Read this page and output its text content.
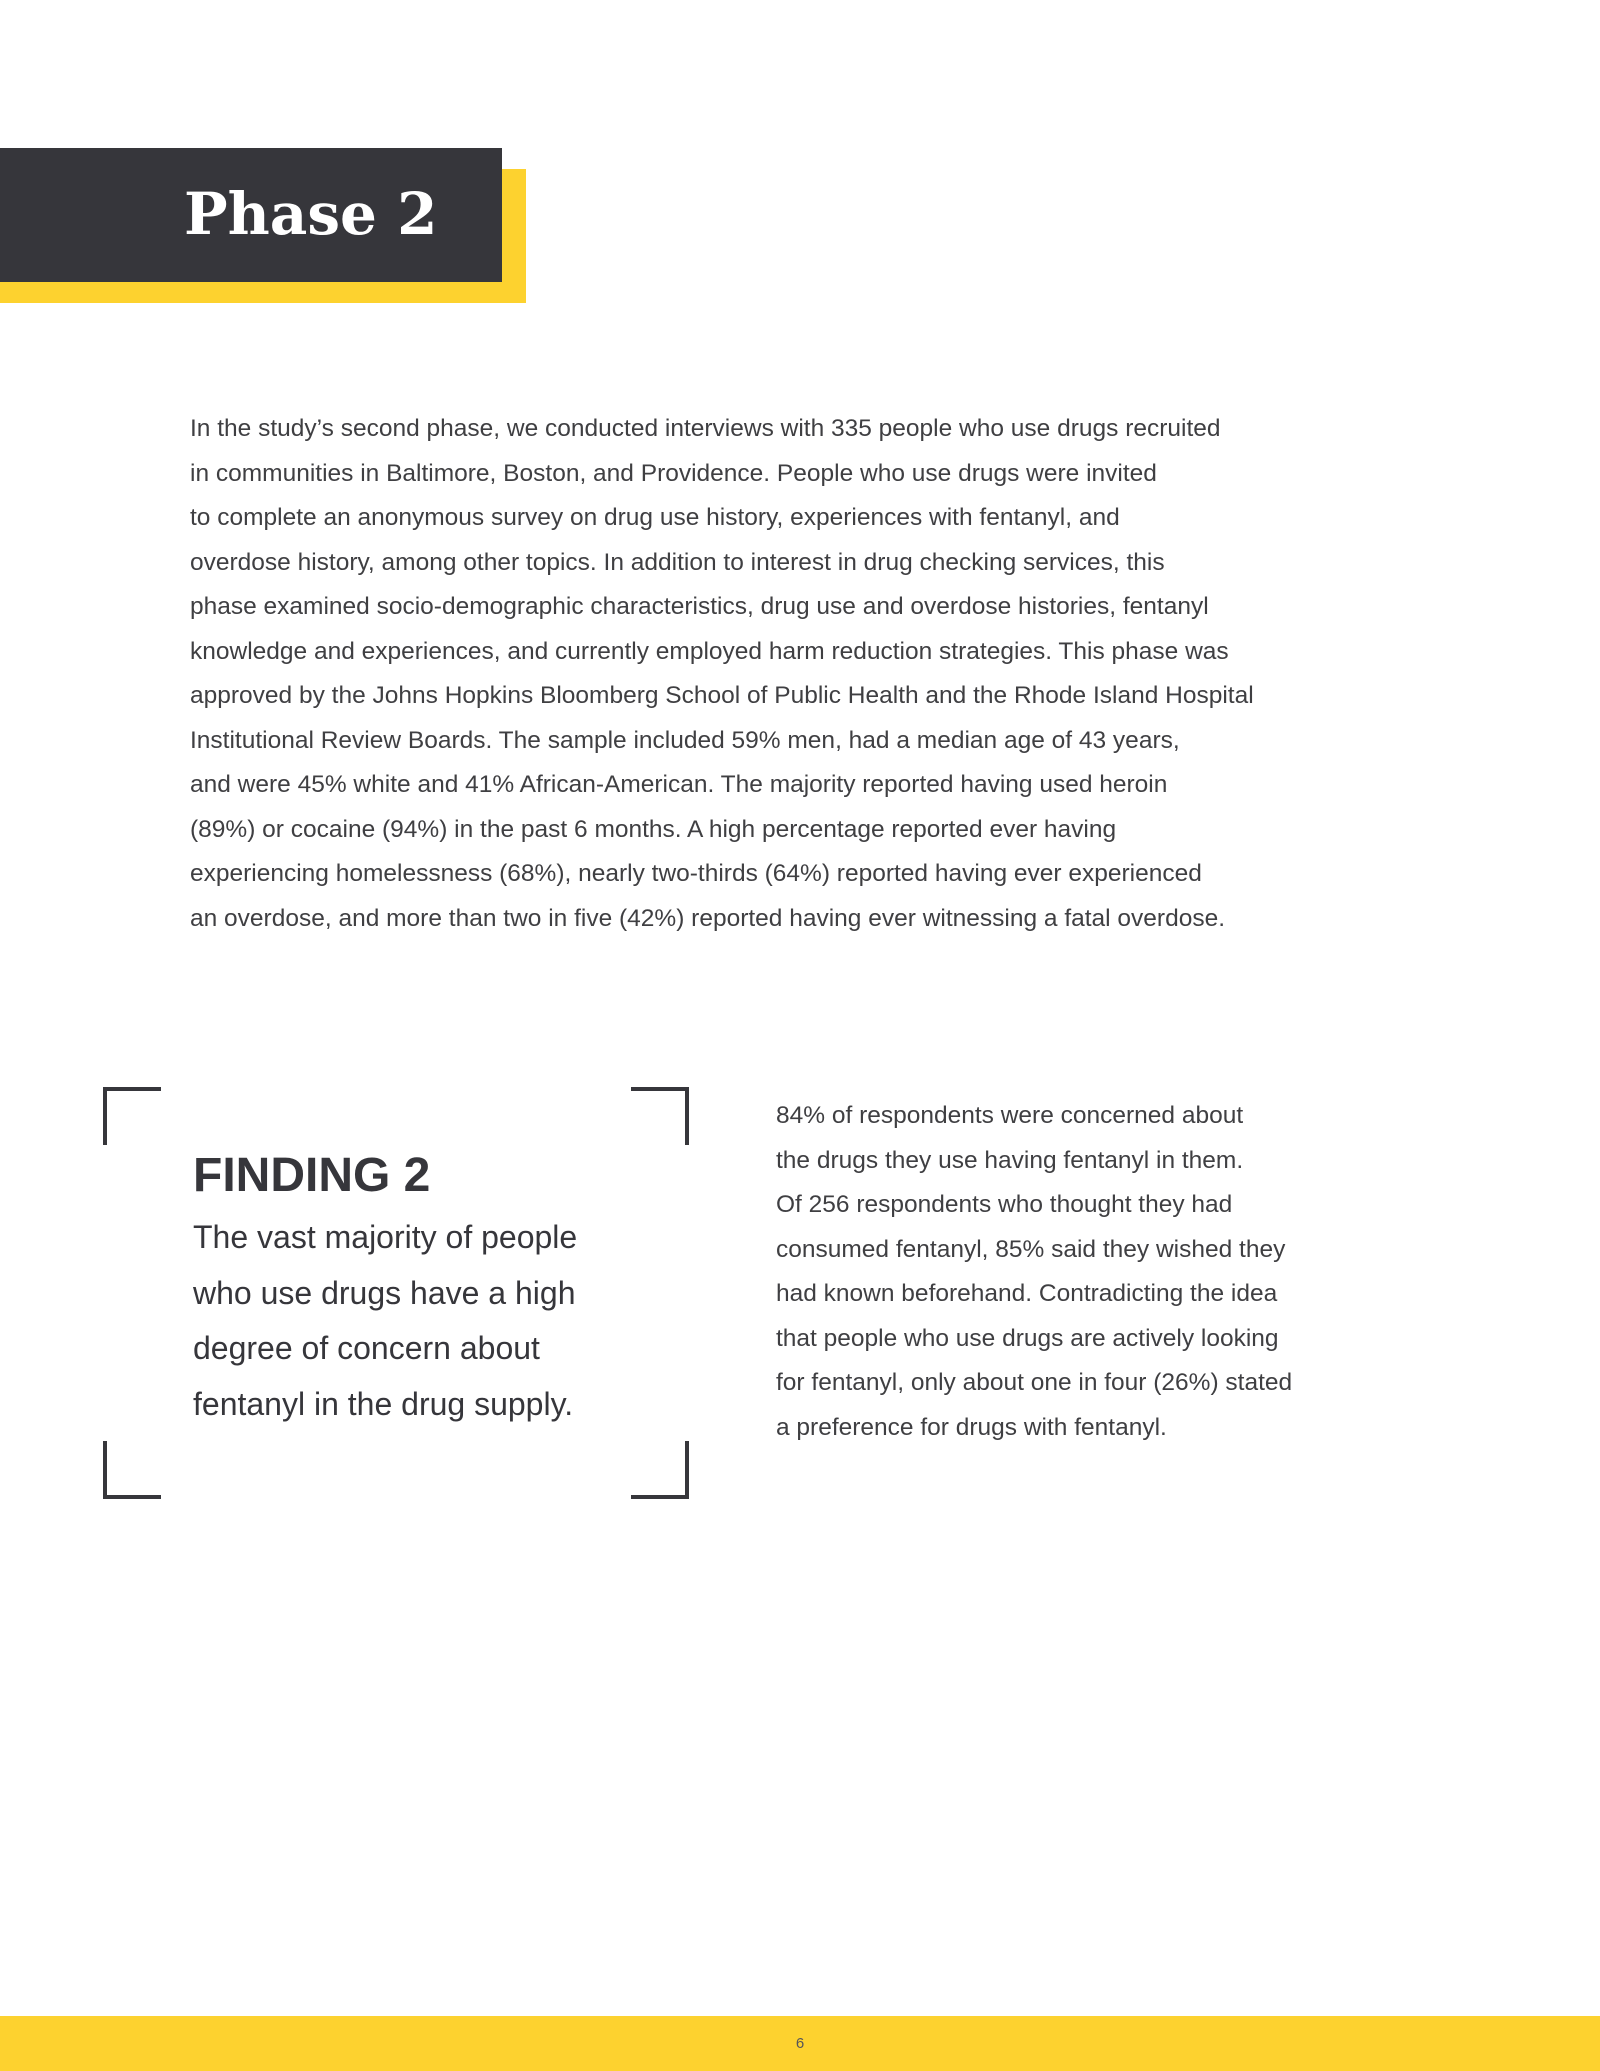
Phase 2

In the study’s second phase, we conducted interviews with 335 people who use drugs recruited
in communities in Baltimore, Boston, and Providence. People who use drugs were invited
to complete an anonymous survey on drug use history, experiences with fentanyl, and
overdose history, among other topics. In addition to interest in drug checking services, this
phase examined socio-demographic characteristics, drug use and overdose histories, fentanyl
knowledge and experiences, and currently employed harm reduction strategies. This phase was
approved by the Johns Hopkins Bloomberg School of Public Health and the Rhode Island Hospital
Institutional Review Boards. The sample included 59% men, had a median age of 43 years,
and were 45% white and 41% African-American. The majority reported having used heroin
(89%) or cocaine (94%) in the past 6 months. A high percentage reported ever having
experiencing homelessness (68%), nearly two-thirds (64%) reported having ever experienced
an overdose, and more than two in five (42%) reported having ever witnessing a fatal overdose.

FINDING 2

The vast majority of people
who use drugs have a high
degree of concern about
fentanyl in the drug supply.

84% of respondents were concerned about
the drugs they use having fentanyl in them.
Of 256 respondents who thought they had
consumed fentanyl, 85% said they wished they
had known beforehand. Contradicting the idea
that people who use drugs are actively looking
for fentanyl, only about one in four (26%) stated
a preference for drugs with fentanyl.

6
